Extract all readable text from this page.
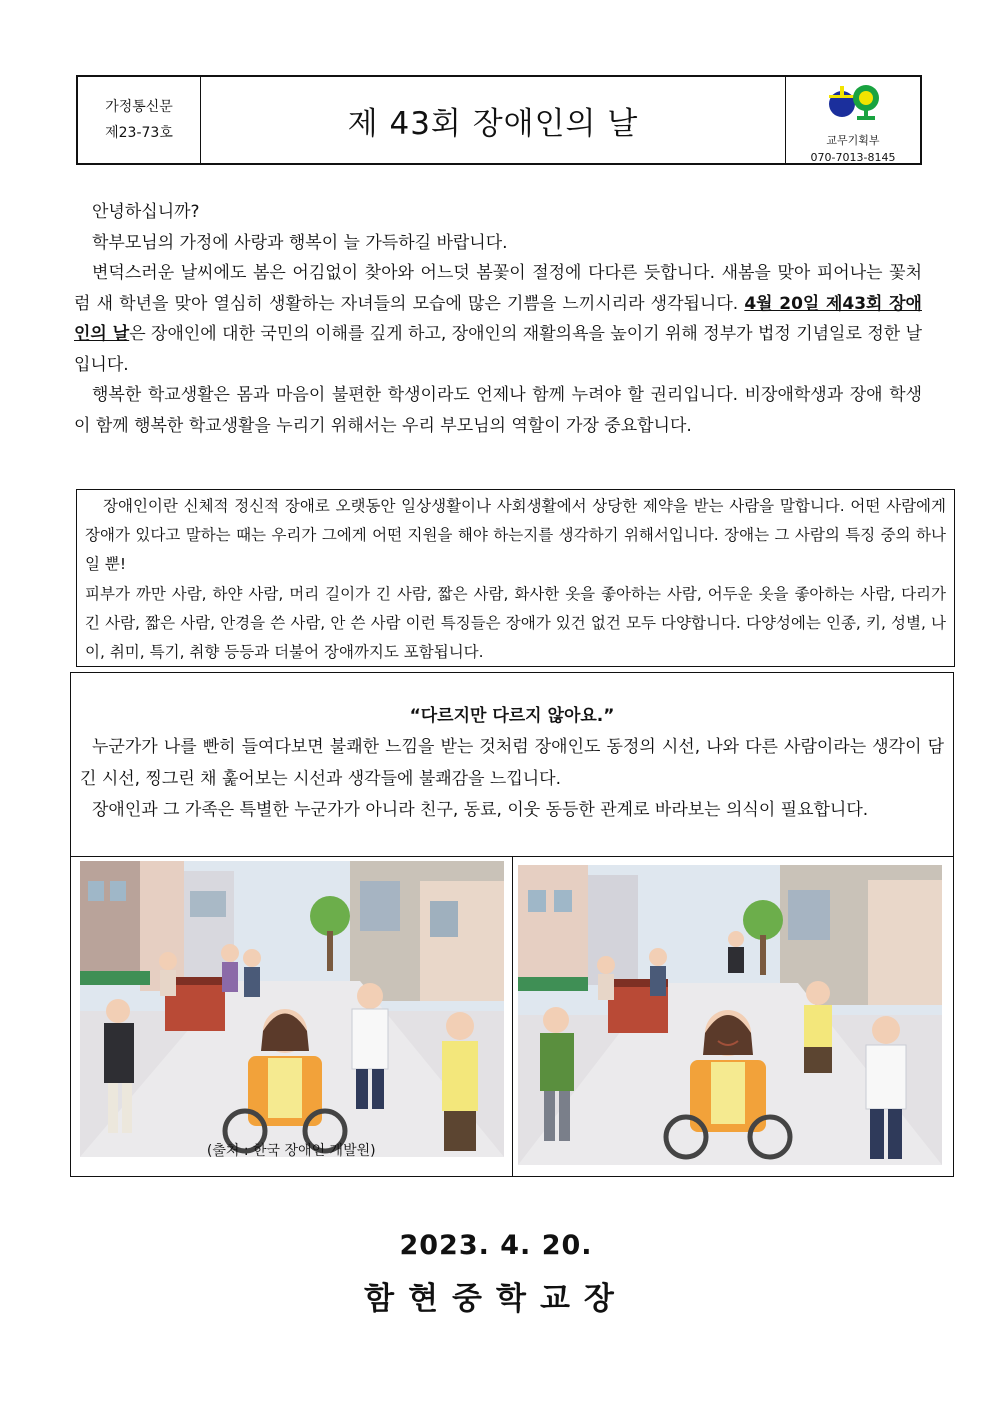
가정통신문
제23-73호	제 43회 장애인의 날	교무기획부
070-7013-8145

안녕하십니까?

학부모님의 가정에 사랑과 행복이 늘 가득하길 바랍니다.

변덕스러운 날씨에도 봄은 어김없이 찾아와 어느덧 봄꽃이 절정에 다다른 듯합니다. 새봄을 맞아 피어나는 꽃처럼 새 학년을 맞아 열심히 생활하는 자녀들의 모습에 많은 기쁨을 느끼시리라 생각됩니다. 4월 20일 제43회 장애인의 날은 장애인에 대한 국민의 이해를 깊게 하고, 장애인의 재활의욕을 높이기 위해 정부가 법정 기념일로 정한 날입니다.

행복한 학교생활은 몸과 마음이 불편한 학생이라도 언제나 함께 누려야 할 권리입니다. 비장애학생과 장애 학생이 함께 행복한 학교생활을 누리기 위해서는 우리 부모님의 역할이 가장 중요합니다.

장애인이란 신체적 정신적 장애로 오랫동안 일상생활이나 사회생활에서 상당한 제약을 받는 사람을 말합니다. 어떤 사람에게 장애가 있다고 말하는 때는 우리가 그에게 어떤 지원을 해야 하는지를 생각하기 위해서입니다. 장애는 그 사람의 특징 중의 하나일 뿐!

피부가 까만 사람, 하얀 사람, 머리 길이가 긴 사람, 짧은 사람, 화사한 옷을 좋아하는 사람, 어두운 옷을 좋아하는 사람, 다리가 긴 사람, 짧은 사람, 안경을 쓴 사람, 안 쓴 사람 이런 특징들은 장애가 있건 없건 모두 다양합니다. 다양성에는 인종, 키, 성별, 나이, 취미, 특기, 취향 등등과 더불어 장애까지도 포함됩니다.

“다르지만 다르지 않아요.”

누군가가 나를 빤히 들여다보면 불쾌한 느낌을 받는 것처럼 장애인도 동정의 시선, 나와 다른 사람이라는 생각이 담긴 시선, 찡그린 채 훑어보는 시선과 생각들에 불쾌감을 느낍니다.

장애인과 그 가족은 특별한 누군가가 아니라 친구, 동료, 이웃 동등한 관계로 바라보는 의식이 필요합니다.

(출처 : 한국 장애인 개발원)
2023. 4. 20.
함현중학교장
